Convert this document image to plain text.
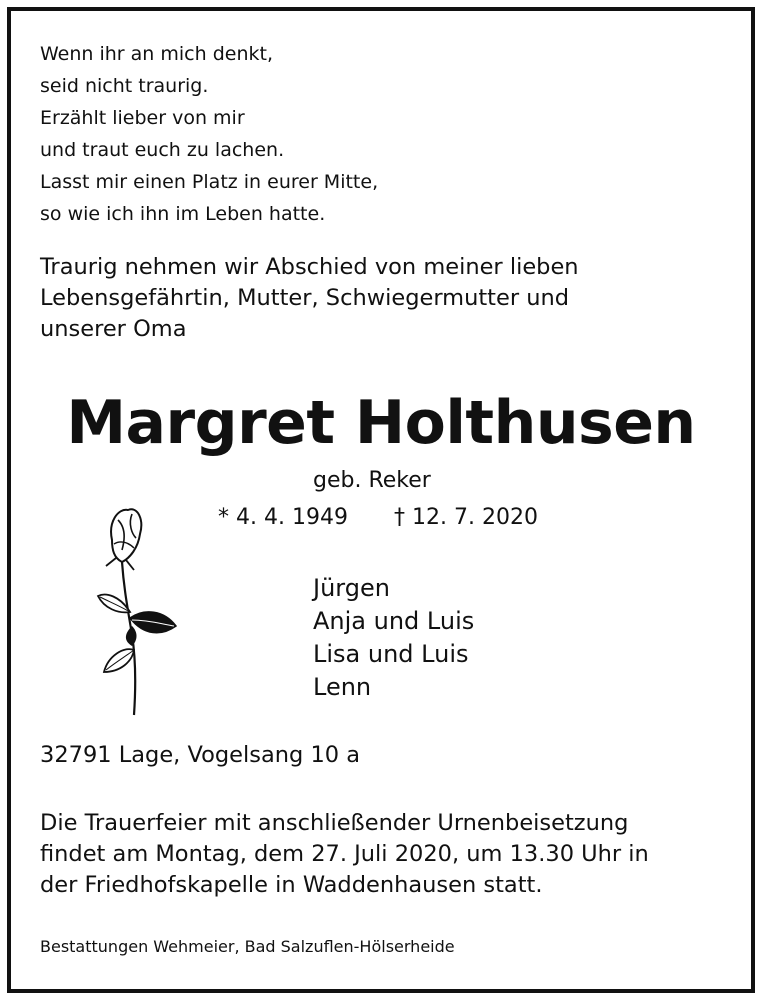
Wenn ihr an mich denkt,
seid nicht traurig.
Erzählt lieber von mir
und traut euch zu lachen.
Lasst mir einen Platz in eurer Mitte,
so wie ich ihn im Leben hatte.
Traurig nehmen wir Abschied von meiner lieben
Lebensgefährtin, Mutter, Schwiegermutter und
unserer Oma
Margret Holthusen
geb. Reker
* 4. 4. 1949 † 12. 7. 2020
Jürgen
Anja und Luis
Lisa und Luis
Lenn
32791 Lage, Vogelsang 10 a
Die Trauerfeier mit anschließender Urnenbeisetzung
findet am Montag, dem 27. Juli 2020, um 13.30 Uhr in
der Friedhofskapelle in Waddenhausen statt.
Bestattungen Wehmeier, Bad Salzuflen-Hölserheide
